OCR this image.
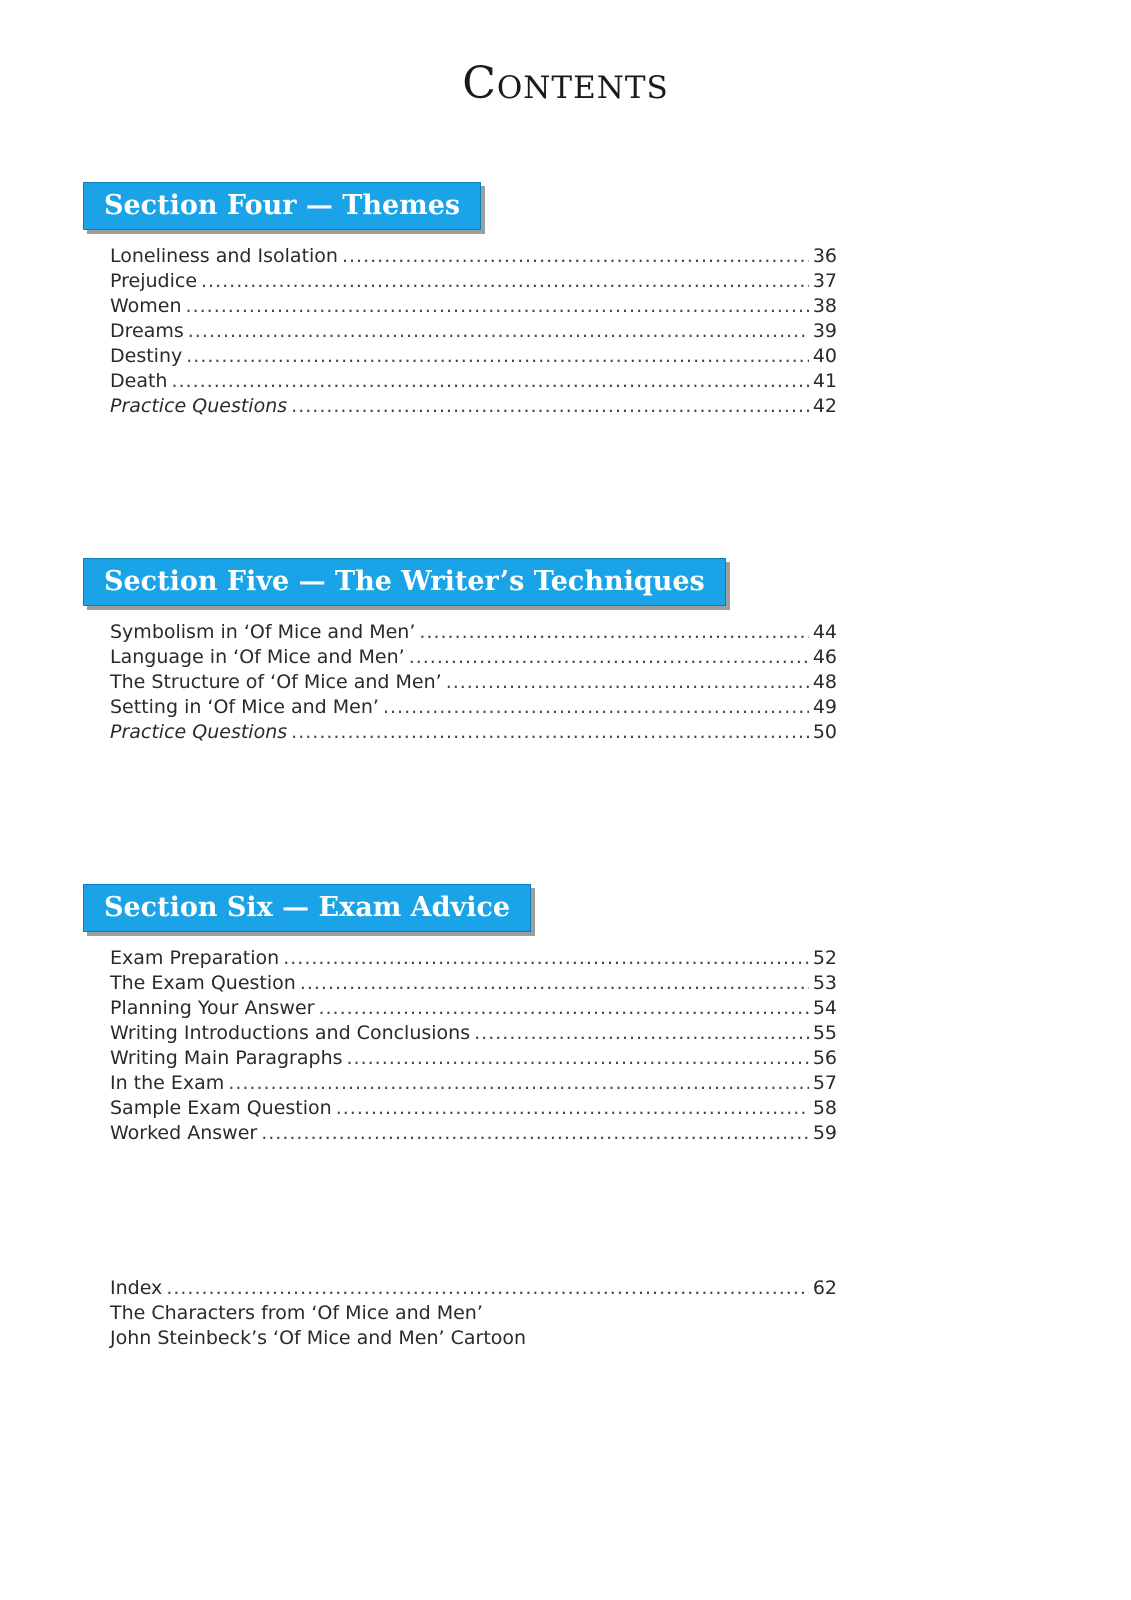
Contents
Section Four — Themes
Loneliness and Isolation .....	36
Prejudice .....	37
Women .....	38
Dreams .....	39
Destiny .....	40
Death .....	41
Practice Questions .....	42
Section Five — The Writer’s Techniques
Symbolism in ‘Of Mice and Men’ .....	44
Language in ‘Of Mice and Men’ .....	46
The Structure of ‘Of Mice and Men’ .....	48
Setting in ‘Of Mice and Men’ .....	49
Practice Questions .....	50
Section Six — Exam Advice
Exam Preparation .....	52
The Exam Question .....	53
Planning Your Answer .....	54
Writing Introductions and Conclusions .....	55
Writing Main Paragraphs .....	56
In the Exam .....	57
Sample Exam Question .....	58
Worked Answer .....	59
Index .....	62
The Characters from ‘Of Mice and Men’
John Steinbeck’s ‘Of Mice and Men’ Cartoon
